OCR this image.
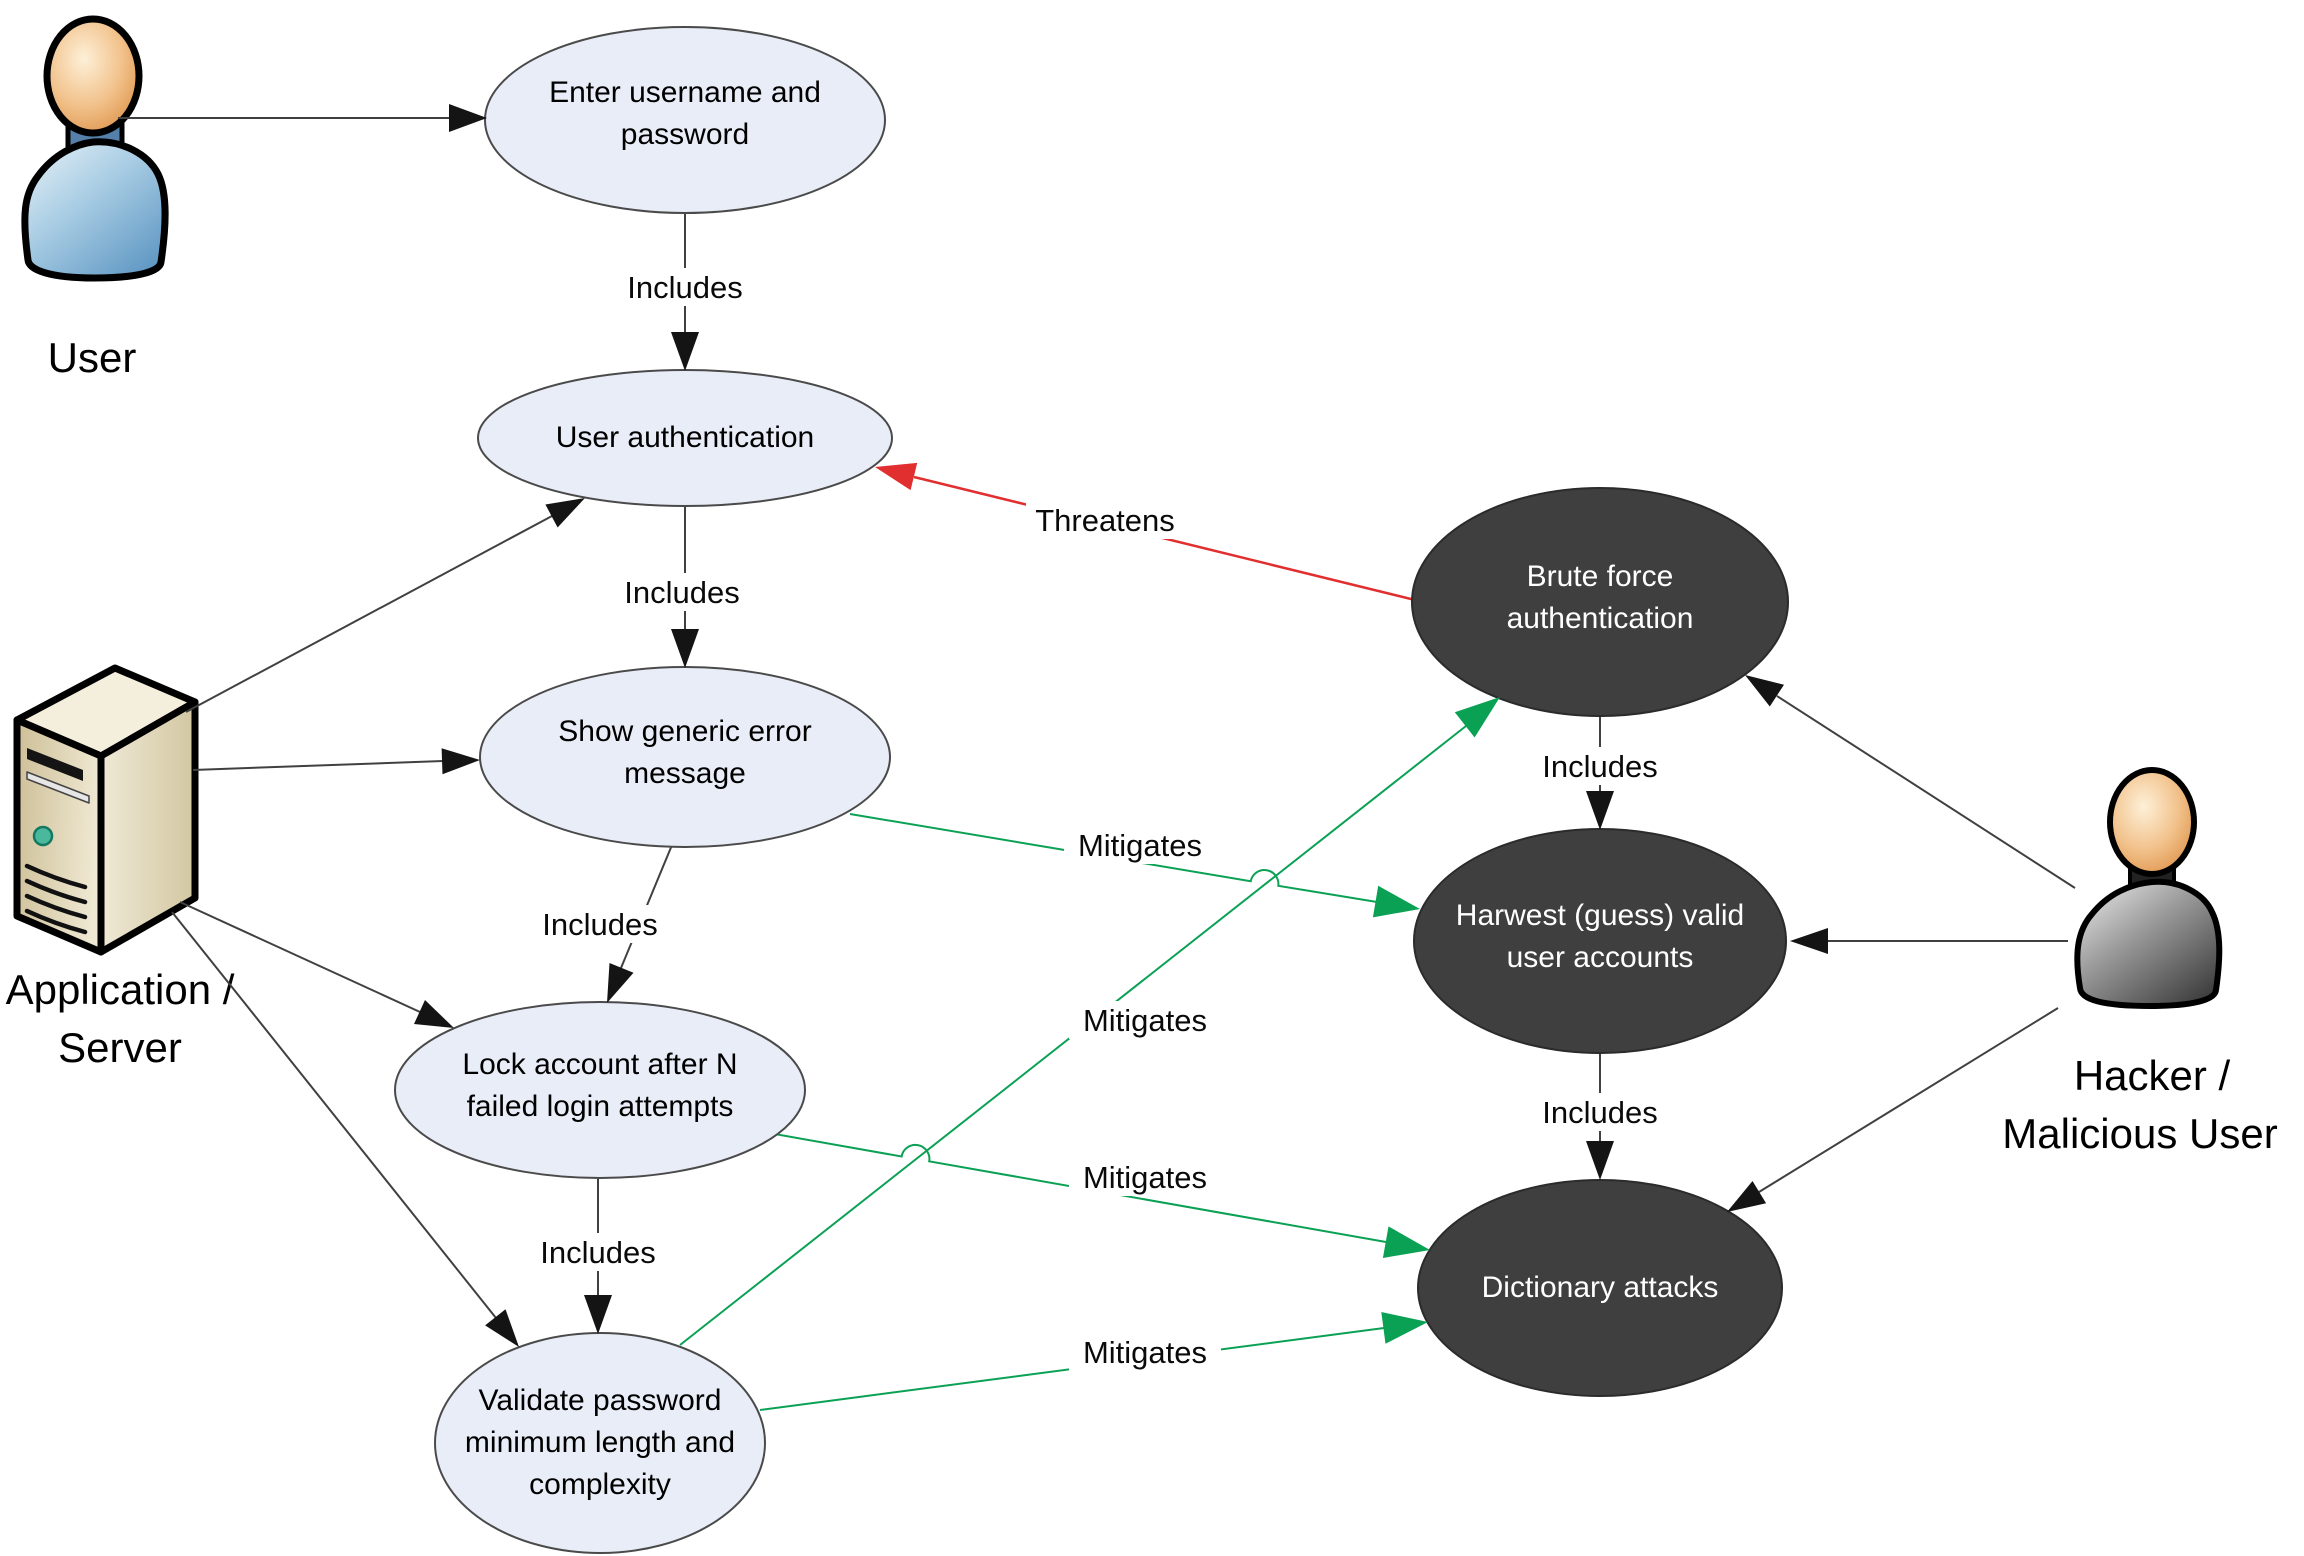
User
Application /
Server
Hacker /
Malicious User
Enter username and
password
User authentication
Show generic error
message
Lock account after N
failed login attempts
Validate password
minimum length and
complexity
Brute force
authentication
Harwest (guess) valid
user accounts
Dictionary attacks
Includes
Includes
Includes
Includes
Includes
Includes
Threatens
Mitigates
Mitigates
Mitigates
Mitigates
